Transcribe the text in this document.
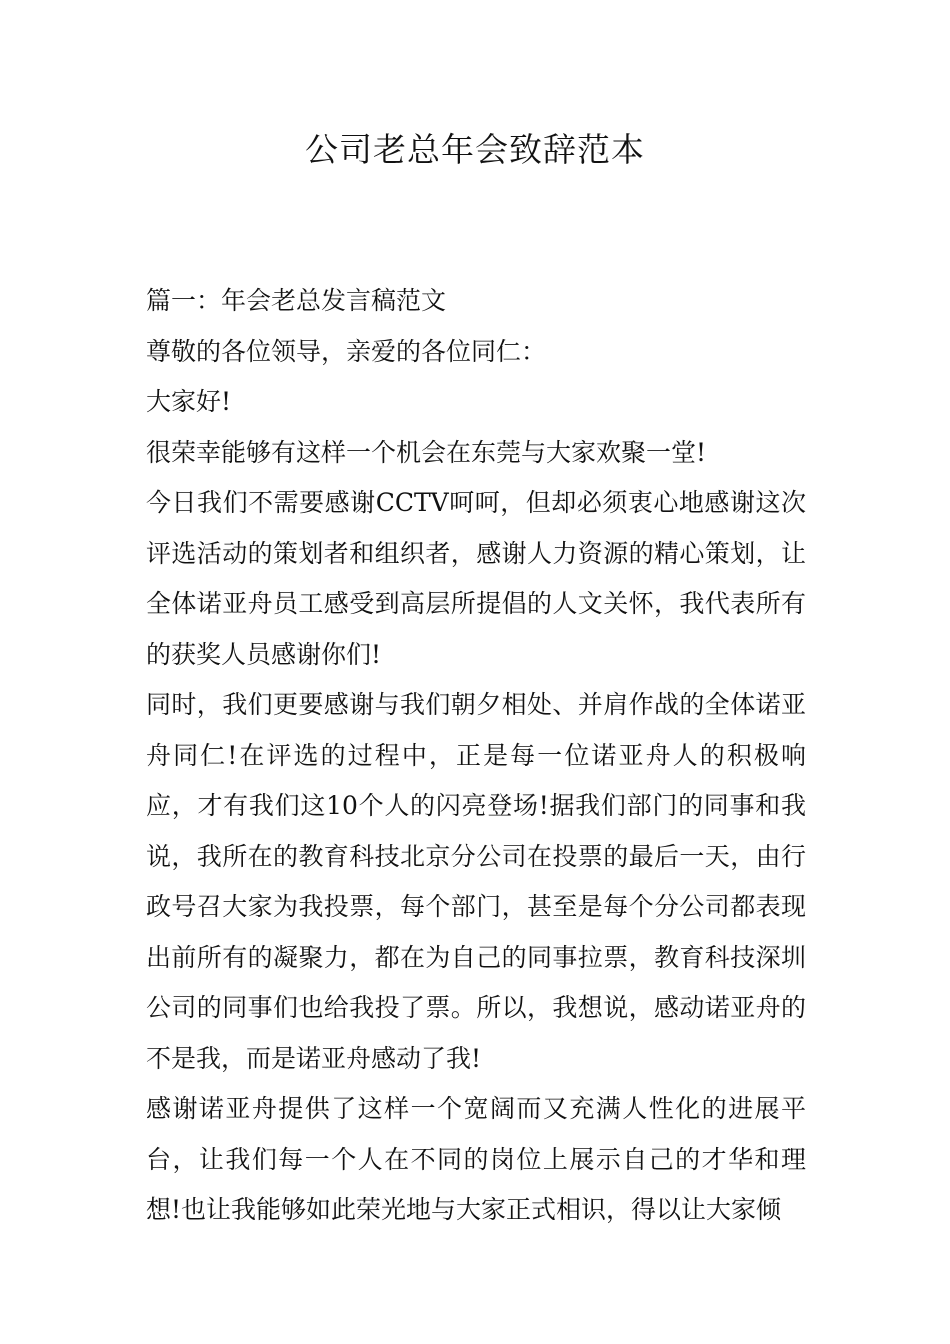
公司老总年会致辞范本

篇一：年会老总发言稿范文

尊敬的各位领导，亲爱的各位同仁：

大家好!

很荣幸能够有这样一个机会在东莞与大家欢聚一堂!

今日我们不需要感谢CCTV呵呵，但却必须衷心地感谢这次评选活动的策划者和组织者，感谢人力资源的精心策划，让全体诺亚舟员工感受到高层所提倡的人文关怀，我代表所有的获奖人员感谢你们!

同时，我们更要感谢与我们朝夕相处、并肩作战的全体诺亚舟同仁!在评选的过程中，正是每一位诺亚舟人的积极响应，才有我们这10个人的闪亮登场!据我们部门的同事和我说，我所在的教育科技北京分公司在投票的最后一天，由行政号召大家为我投票，每个部门，甚至是每个分公司都表现出前所有的凝聚力，都在为自己的同事拉票，教育科技深圳公司的同事们也给我投了票。所以，我想说，感动诺亚舟的不是我，而是诺亚舟感动了我!

感谢诺亚舟提供了这样一个宽阔而又充满人性化的进展平台，让我们每一个人在不同的岗位上展示自己的才华和理想!也让我能够如此荣光地与大家正式相识，得以让大家倾
